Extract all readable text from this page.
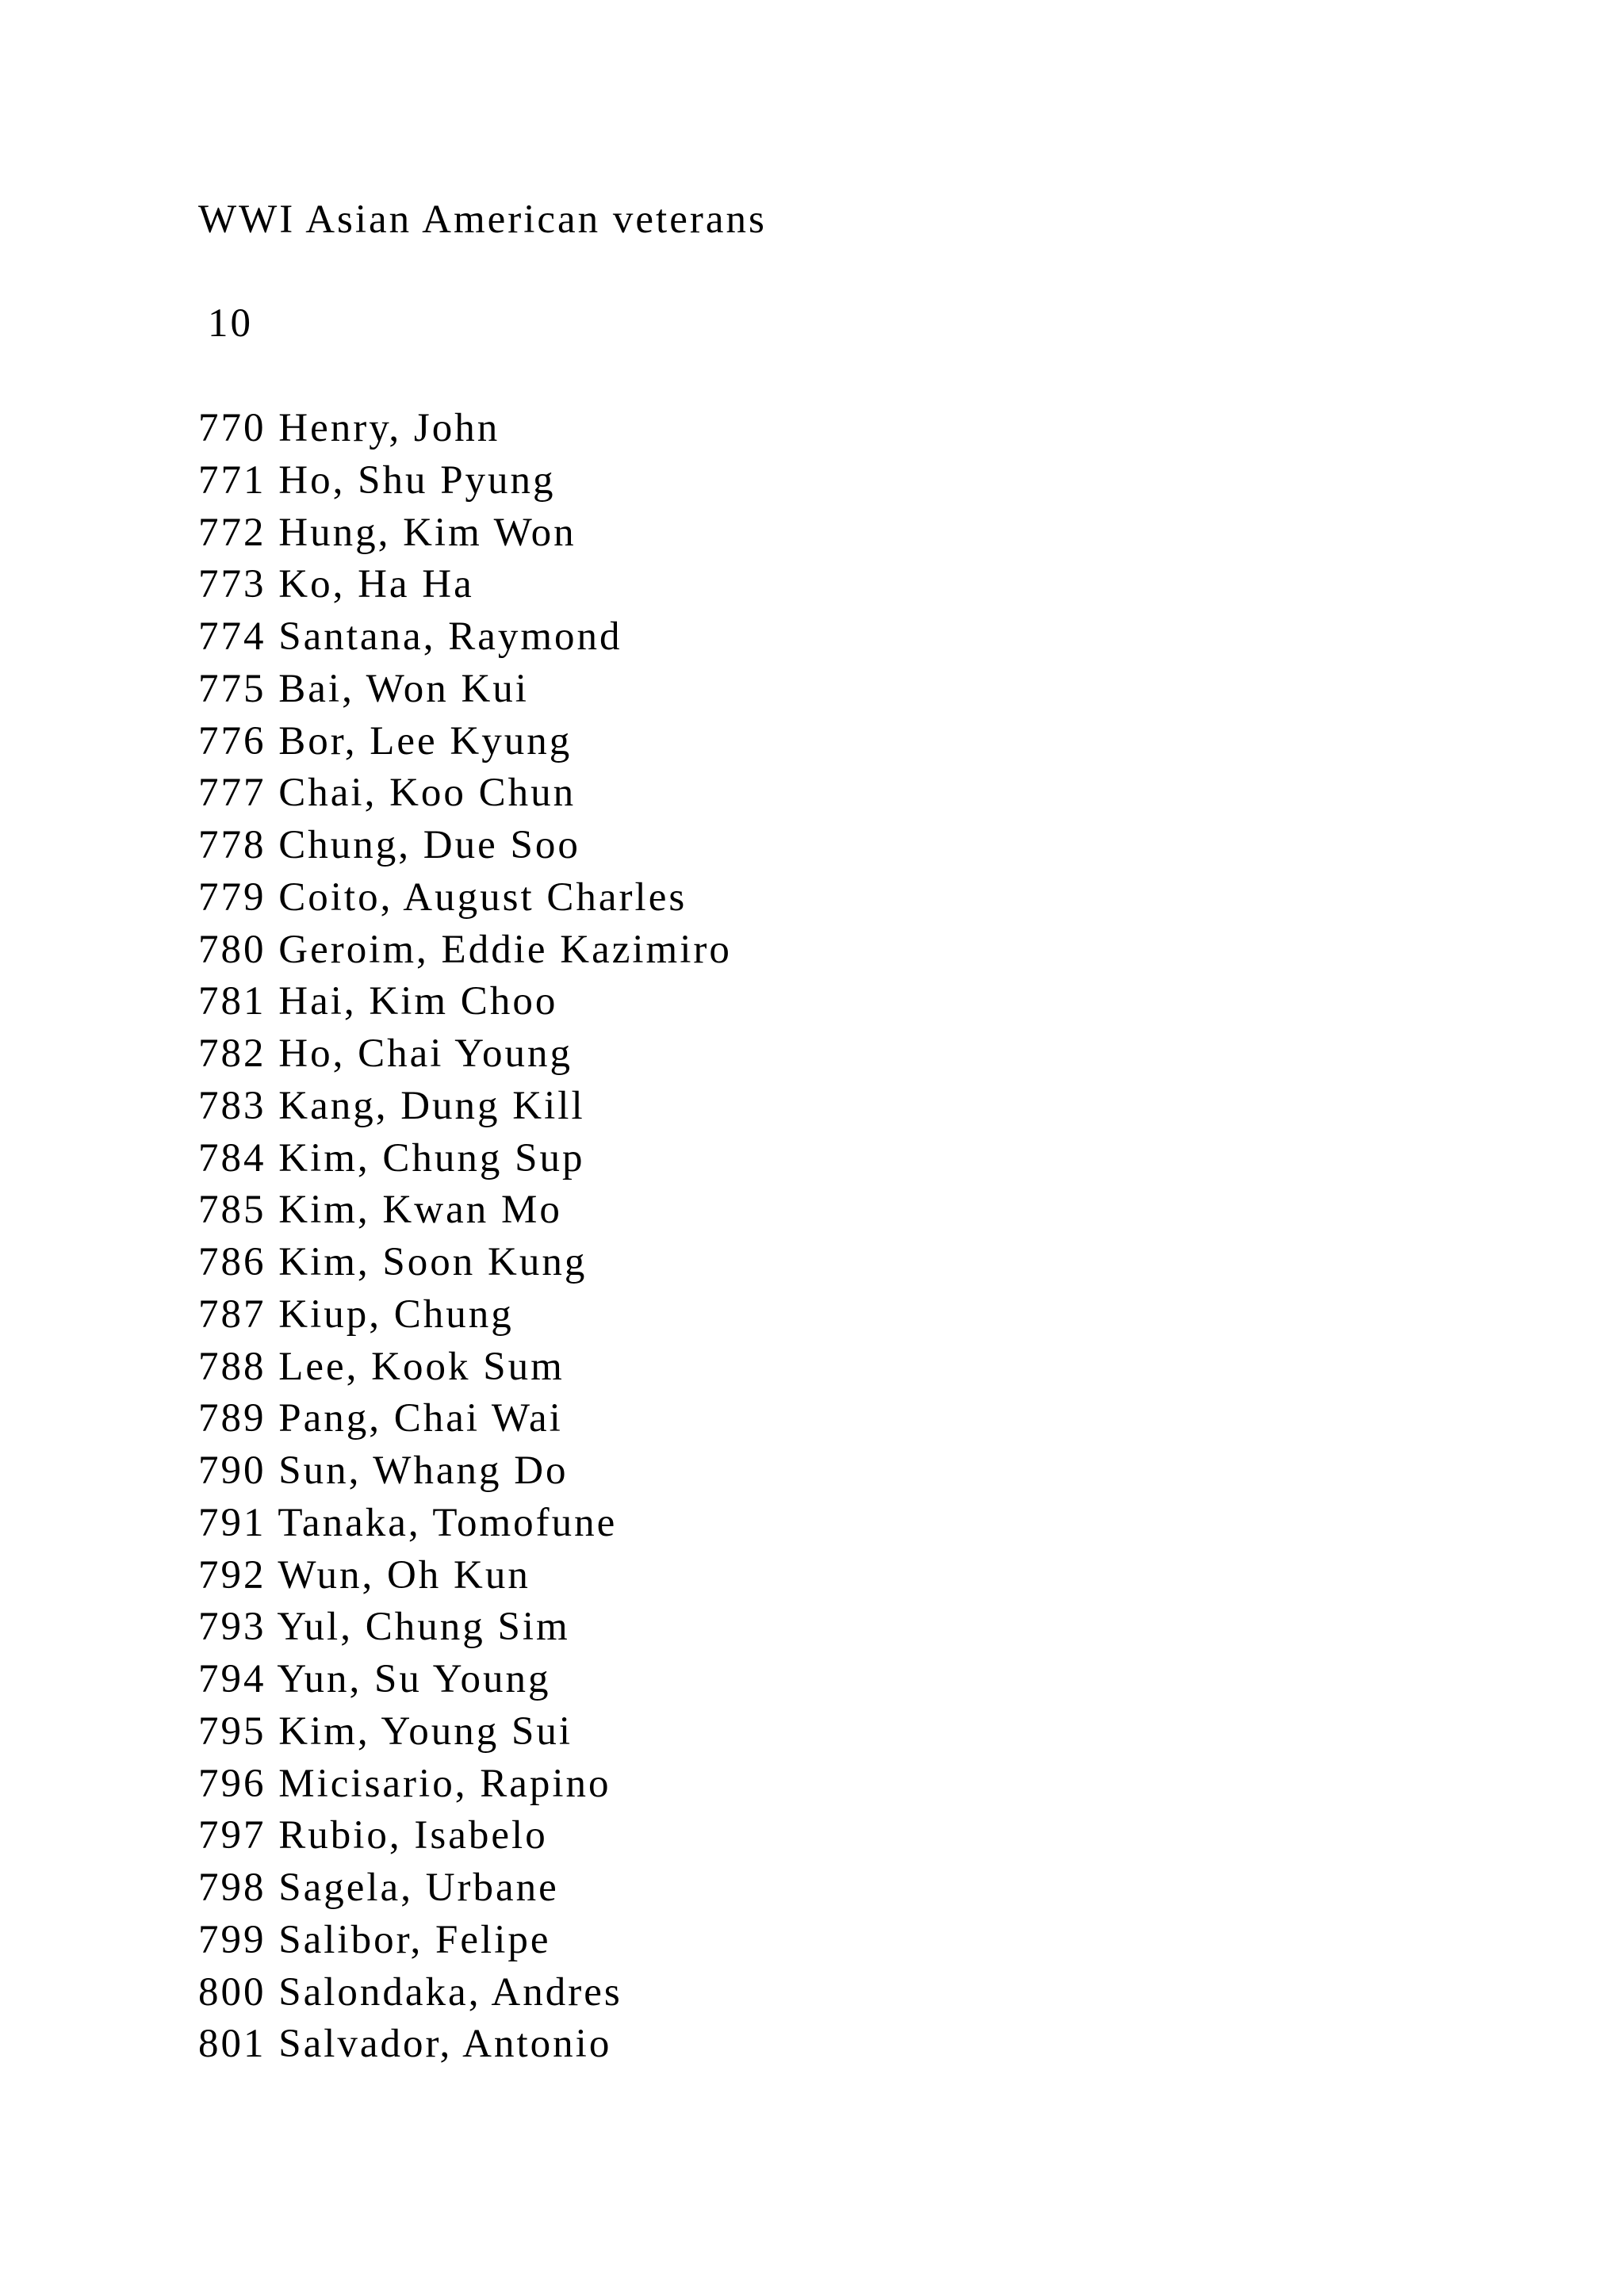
WWI Asian American veterans
10
770 Henry, John
771 Ho, Shu Pyung
772 Hung, Kim Won
773 Ko, Ha Ha
774 Santana, Raymond
775 Bai, Won Kui
776 Bor, Lee Kyung
777 Chai, Koo Chun
778 Chung, Due Soo
779 Coito, August Charles
780 Geroim, Eddie Kazimiro
781 Hai, Kim Choo
782 Ho, Chai Young
783 Kang, Dung Kill
784 Kim, Chung Sup
785 Kim, Kwan Mo
786 Kim, Soon Kung
787 Kiup, Chung
788 Lee, Kook Sum
789 Pang, Chai Wai
790 Sun, Whang Do
791 Tanaka, Tomofune
792 Wun, Oh Kun
793 Yul, Chung Sim
794 Yun, Su Young
795 Kim, Young Sui
796 Micisario, Rapino
797 Rubio, Isabelo
798 Sagela, Urbane
799 Salibor, Felipe
800 Salondaka, Andres
801 Salvador, Antonio
